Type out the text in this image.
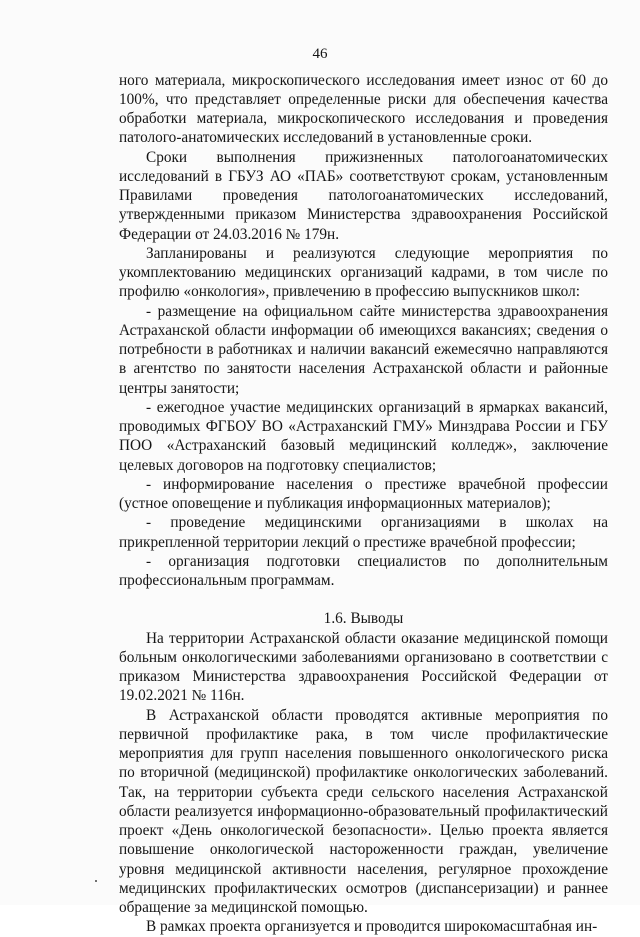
46

ного материала, микроскопического исследования имеет износ от 60 до 100%, что представляет определенные риски для обеспечения качества обработки материала, микроскопического исследования и проведения патолого-анатомических исследований в установленные сроки.

Сроки выполнения прижизненных патологоанатомических исследований в ГБУЗ АО «ПАБ» соответствуют срокам, установленным Правилами проведения патологоанатомических исследований, утвержденными приказом Министерства здравоохранения Российской Федерации от 24.03.2016 № 179н.

Запланированы и реализуются следующие мероприятия по укомплектованию медицинских организаций кадрами, в том числе по профилю «онкология», привлечению в профессию выпускников школ:

- размещение на официальном сайте министерства здравоохранения Астраханской области информации об имеющихся вакансиях; сведения о потребности в работниках и наличии вакансий ежемесячно направляются в агентство по занятости населения Астраханской области и районные центры занятости;

- ежегодное участие медицинских организаций в ярмарках вакансий, проводимых ФГБОУ ВО «Астраханский ГМУ» Минздрава России и ГБУ ПОО «Астраханский базовый медицинский колледж», заключение целевых договоров на подготовку специалистов;

- информирование населения о престиже врачебной профессии (устное оповещение и публикация информационных материалов);

- проведение медицинскими организациями в школах на прикрепленной территории лекций о престиже врачебной профессии;

- организация подготовки специалистов по дополнительным профессиональным программам.

1.6. Выводы

На территории Астраханской области оказание медицинской помощи больным онкологическими заболеваниями организовано в соответствии с приказом Министерства здравоохранения Российской Федерации от 19.02.2021 № 116н.

В Астраханской области проводятся активные мероприятия по первичной профилактике рака, в том числе профилактические мероприятия для групп населения повышенного онкологического риска по вторичной (медицинской) профилактике онкологических заболеваний. Так, на территории субъекта среди сельского населения Астраханской области реализуется информационно-образовательный профилактический проект «День онкологической безопасности». Целью проекта является повышение онкологической настороженности граждан, увеличение уровня медицинской активности населения, регулярное прохождение медицинских профилактических осмотров (диспансеризации) и раннее обращение за медицинской помощью.

В рамках проекта организуется и проводится широкомасштабная ин-
